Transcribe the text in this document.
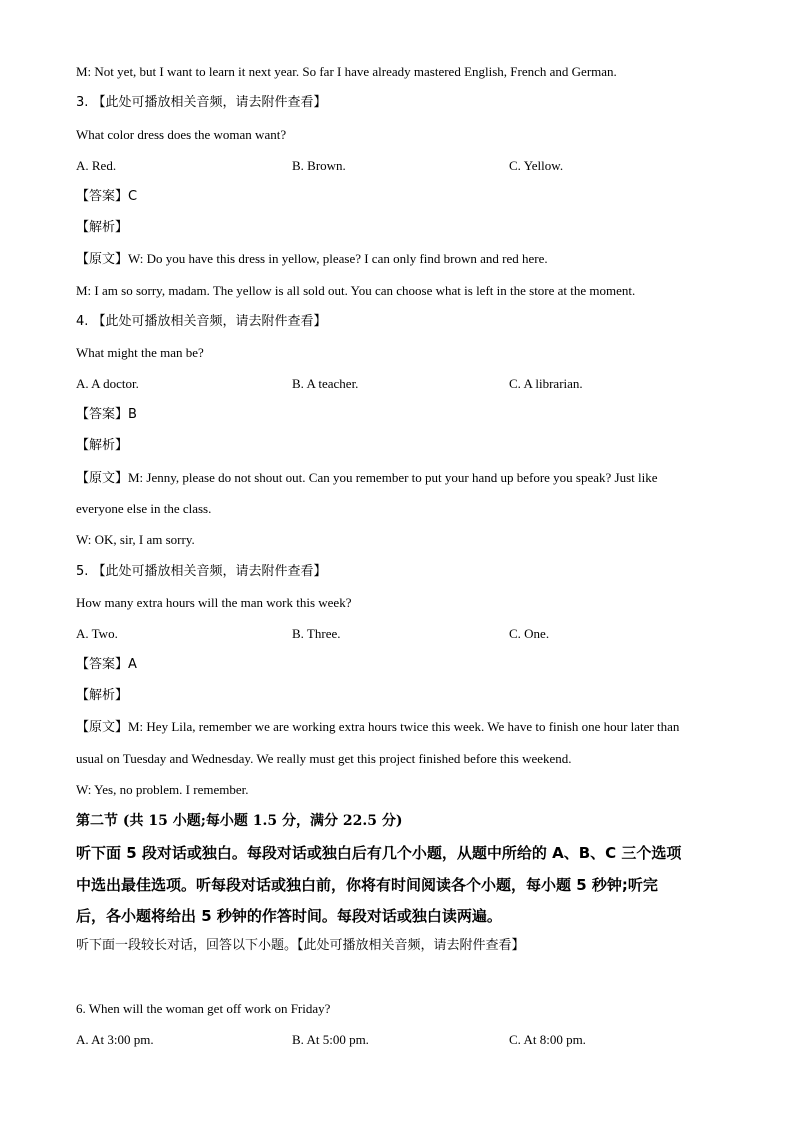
M: Not yet, but I want to learn it next year. So far I have already mastered English, French and German.
3. 【此处可播放相关音频，请去附件查看】
What color dress does the woman want?
A. Red.	B. Brown.	C. Yellow.
【答案】C
【解析】
【原文】W: Do you have this dress in yellow, please? I can only find brown and red here.
M: I am so sorry, madam. The yellow is all sold out. You can choose what is left in the store at the moment.
4. 【此处可播放相关音频，请去附件查看】
What might the man be?
A. A doctor.	B. A teacher.	C. A librarian.
【答案】B
【解析】
【原文】M: Jenny, please do not shout out. Can you remember to put your hand up before you speak? Just like
everyone else in the class.
W: OK, sir, I am sorry.
5. 【此处可播放相关音频，请去附件查看】
How many extra hours will the man work this week?
A. Two.	B. Three.	C. One.
【答案】A
【解析】
【原文】M: Hey Lila, remember we are working extra hours twice this week. We have to finish one hour later than
usual on Tuesday and Wednesday. We really must get this project finished before this weekend.
W: Yes, no problem. I remember.
第二节 (共 15 小题;每小题 1.5 分，满分 22.5 分)
听下面 5 段对话或独白。每段对话或独白后有几个小题，从题中所给的 A、B、C 三个选项
中选出最佳选项。听每段对话或独白前，你将有时间阅读各个小题，每小题 5 秒钟;听完
后，各小题将给出 5 秒钟的作答时间。每段对话或独白读两遍。
听下面一段较长对话，回答以下小题。【此处可播放相关音频，请去附件查看】
6. When will the woman get off work on Friday?
A. At 3:00 pm.	B. At 5:00 pm.	C. At 8:00 pm.
